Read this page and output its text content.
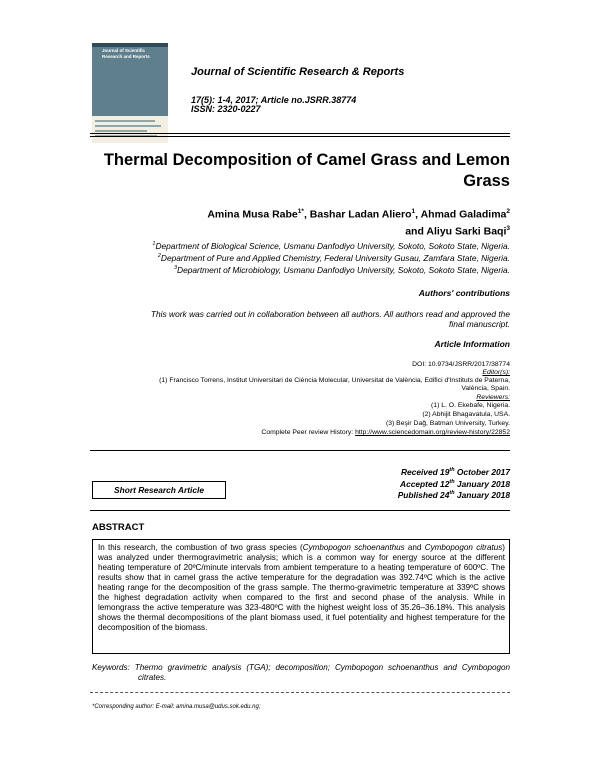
Journal of Scientific Research and Reports
Journal of Scientific Research & Reports
17(5): 1-4, 2017; Article no.JSRR.38774
ISSN: 2320-0227
Thermal Decomposition of Camel Grass and Lemon
Grass
Amina Musa Rabe$^{1*}$, Bashar Ladan Aliero$^1$, Ahmad Galadima$^2$
and Aliyu Sarki Baqi$^3$
$^1$Department of Biological Science, Usmanu Danfodiyo University, Sokoto, Sokoto State, Nigeria.
$^2$Department of Pure and Applied Chemistry, Federal University Gusau, Zamfara State, Nigeria.
$^3$Department of Microbiology, Usmanu Danfodiyo University, Sokoto, Sokoto State, Nigeria.
Authors' contributions
This work was carried out in collaboration between all authors. All authors read and approved the
final manuscript.
Article Information
DOI: 10.9734/JSRR/2017/38774
Editor(s):
(1) Francisco Torrens, Institut Universitari de Ciència Molecular, Universitat de València, Edifici d'Instituts de Paterna,
València, Spain.
Reviewers:
(1) L. O. Ekebafe, Nigeria.
(2) Abhijit Bhagavatula, USA.
(3) Beşir Dağ, Batman University, Turkey.
Complete Peer review History: http://www.sciencedomain.org/review-history/22852
Received 19th October 2017
Accepted 12th January 2018
Published 24th January 2018
Short Research Article
ABSTRACT
In this research, the combustion of two grass species (Cymbopogon schoenanthus and Cymbopogon citratus) was analyzed under thermogravimetric analysis; which is a common way for energy source at the different heating temperature of 20ºC/minute intervals from ambient temperature to a heating temperature of 600ºC. The results show that in camel grass the active temperature for the degradation was 392.74ºC which is the active heating range for the decomposition of the grass sample. The thermo-gravimetric temperature at 339ºC shows the highest degradation activity when compared to the first and second phase of the analysis. While in lemongrass the active temperature was 323-480ºC with the highest weight loss of 35.26–36.18%. This analysis shows the thermal decompositions of the plant biomass used, it fuel potentiality and highest temperature for the decomposition of the biomass.
Keywords: Thermo gravimetric analysis (TGA); decomposition; Cymbopogon schoenanthus and Cymbopogon citrates.
*Corresponding author: E-mail: amina.musa@udus.sok.edu.ng;
